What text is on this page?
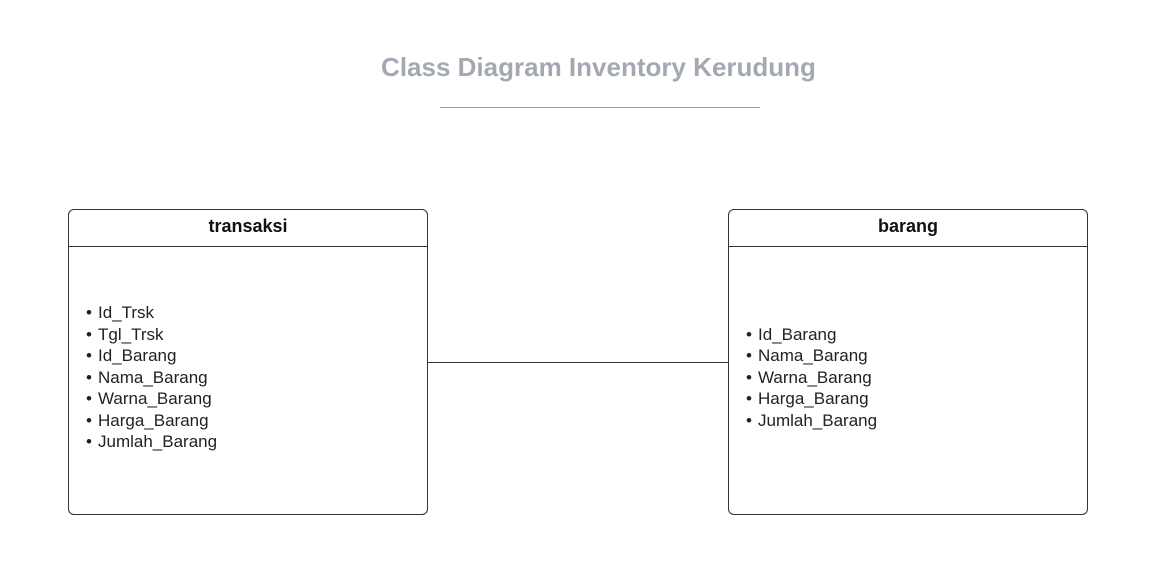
Class Diagram Inventory Kerudung
transaksi
• Id_Trsk
• Tgl_Trsk
• Id_Barang
• Nama_Barang
• Warna_Barang
• Harga_Barang
• Jumlah_Barang
barang
• Id_Barang
• Nama_Barang
• Warna_Barang
• Harga_Barang
• Jumlah_Barang
